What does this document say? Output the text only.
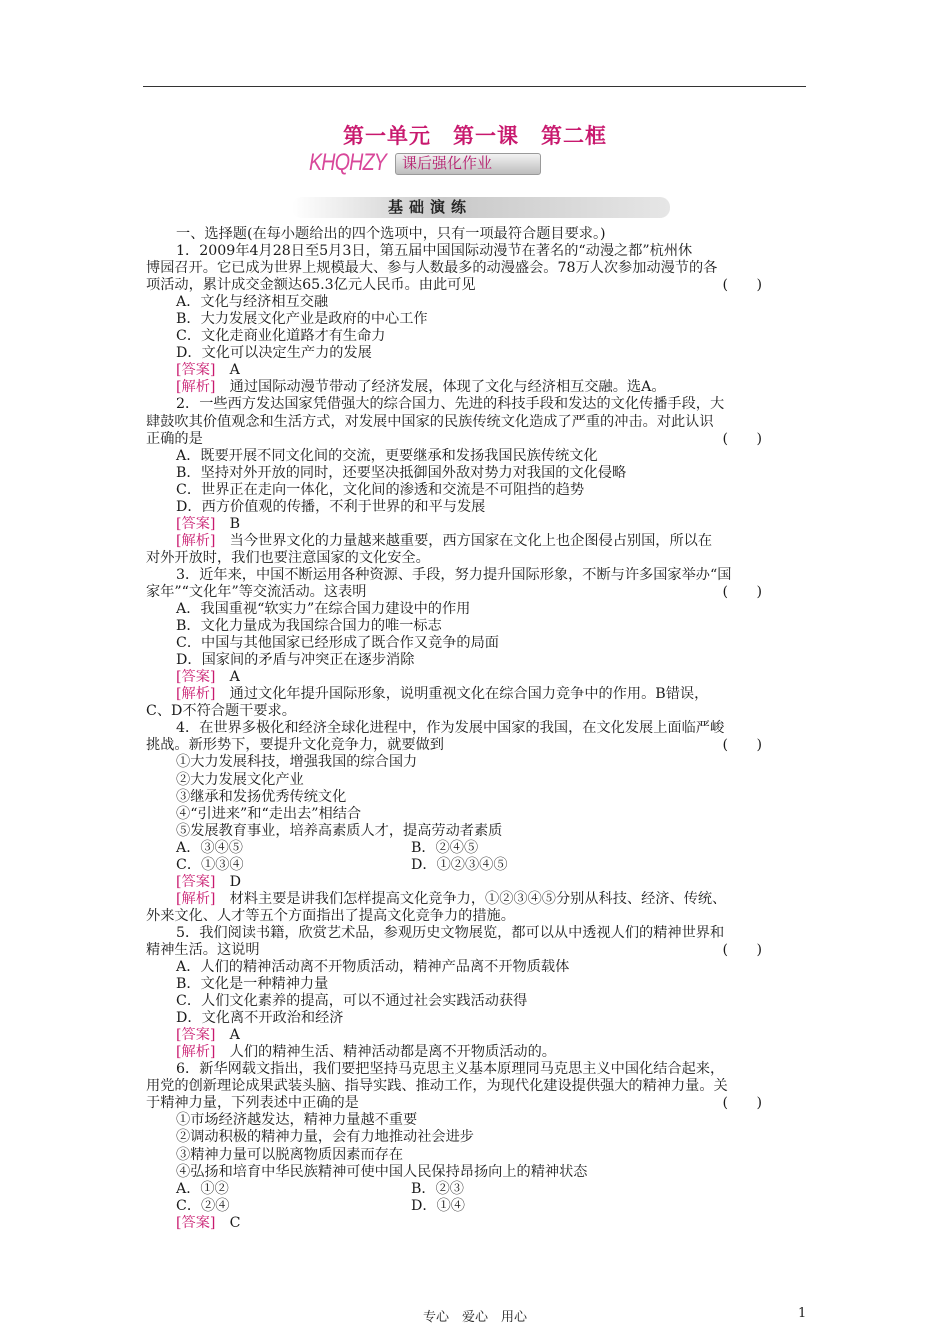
第一单元　第一课　第二框
KHQHZY	课后强化作业
基础演练
一、选择题(在每小题给出的四个选项中，只有一项最符合题目要求。)
1．2009年4月28日至5月3日，第五届中国国际动漫节在著名的“动漫之都”杭州休
博园召开。它已成为世界上规模最大、参与人数最多的动漫盛会。78万人次参加动漫节的各
项活动，累计成交金额达65.3亿元人民币。由此可见	(　　)
A．文化与经济相互交融
B．大力发展文化产业是政府的中心工作
C．文化走商业化道路才有生命力
D．文化可以决定生产力的发展
[答案]　 A
[解析]　 通过国际动漫节带动了经济发展，体现了文化与经济相互交融。选A。
2．一些西方发达国家凭借强大的综合国力、先进的科技手段和发达的文化传播手段，大
肆鼓吹其价值观念和生活方式，对发展中国家的民族传统文化造成了严重的冲击。对此认识
正确的是	(　　)
A．既要开展不同文化间的交流，更要继承和发扬我国民族传统文化
B．坚持对外开放的同时，还要坚决抵御国外敌对势力对我国的文化侵略
C．世界正在走向一体化，文化间的渗透和交流是不可阻挡的趋势
D．西方价值观的传播，不利于世界的和平与发展
[答案]　 B
[解析]　 当今世界文化的力量越来越重要，西方国家在文化上也企图侵占别国，所以在
对外开放时，我们也要注意国家的文化安全。
3．近年来，中国不断运用各种资源、手段，努力提升国际形象，不断与许多国家举办“国
家年”“文化年”等交流活动。这表明	(　　)
A．我国重视“软实力”在综合国力建设中的作用
B．文化力量成为我国综合国力的唯一标志
C．中国与其他国家已经形成了既合作又竞争的局面
D．国家间的矛盾与冲突正在逐步消除
[答案]　 A
[解析]　 通过文化年提升国际形象，说明重视文化在综合国力竞争中的作用。B错误，
C、D不符合题干要求。
4．在世界多极化和经济全球化进程中，作为发展中国家的我国，在文化发展上面临严峻
挑战。新形势下，要提升文化竞争力，就要做到	(　　)
①大力发展科技，增强我国的综合国力
②大力发展文化产业
③继承和发扬优秀传统文化
④“引进来”和“走出去”相结合
⑤发展教育事业，培养高素质人才，提高劳动者素质
A．③④⑤	B．②④⑤
C．①③④	D．①②③④⑤
[答案]　 D
[解析]　 材料主要是讲我们怎样提高文化竞争力，①②③④⑤分别从科技、经济、传统、
外来文化、人才等五个方面指出了提高文化竞争力的措施。
5．我们阅读书籍，欣赏艺术品，参观历史文物展览，都可以从中透视人们的精神世界和
精神生活。这说明	(　　)
A．人们的精神活动离不开物质活动，精神产品离不开物质载体
B．文化是一种精神力量
C．人们文化素养的提高，可以不通过社会实践活动获得
D．文化离不开政治和经济
[答案]　 A
[解析]　 人们的精神生活、精神活动都是离不开物质活动的。
6．新华网载文指出，我们要把坚持马克思主义基本原理同马克思主义中国化结合起来，
用党的创新理论成果武装头脑、指导实践、推动工作，为现代化建设提供强大的精神力量。关
于精神力量，下列表述中正确的是	(　　)
①市场经济越发达，精神力量越不重要
②调动积极的精神力量，会有力地推动社会进步
③精神力量可以脱离物质因素而存在
④弘扬和培育中华民族精神可使中国人民保持昂扬向上的精神状态
A．①②	B．②③
C．②④	D．①④
[答案]　 C
专心　爱心　用心	1
